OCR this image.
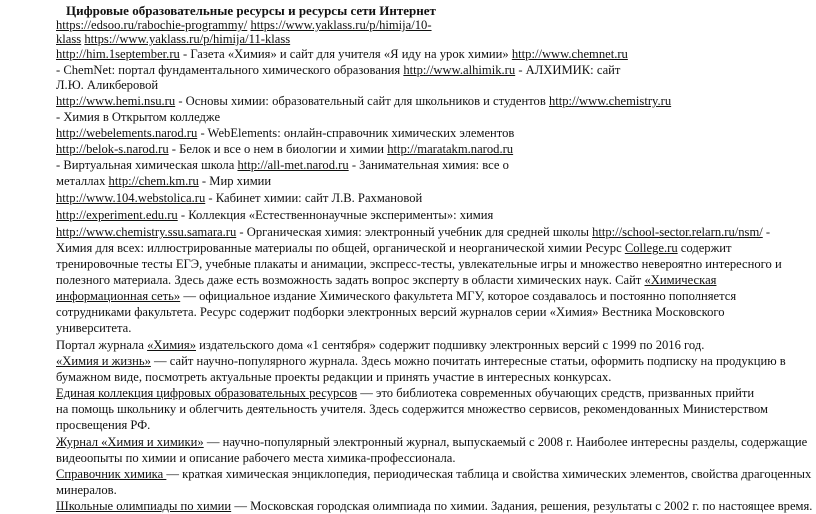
Цифровые образовательные ресурсы и ресурсы сети Интернет
https://edsoo.ru/rabochie-programmy/ https://www.yaklass.ru/p/himija/10-
klass https://www.yaklass.ru/p/himija/11-klass
http://him.1september.ru - Газета «Химия» и сайт для учителя «Я иду на урок химии» http://www.chemnet.ru
- ChemNet: портал фундаментального химического образования http://www.alhimik.ru - АЛХИМИК: сайт
Л.Ю. Аликберовой
http://www.hemi.nsu.ru - Основы химии: образовательный сайт для школьников и студентов http://www.chemistry.ru
- Химия в Открытом колледже
http://webelements.narod.ru - WebElements: онлайн-справочник химических элементов
http://belok-s.narod.ru - Белок и все о нем в биологии и химии http://maratakm.narod.ru
- Виртуальная химическая школа http://all-met.narod.ru - Занимательная химия: все о
металлах http://chem.km.ru - Мир химии
http://www.104.webstolica.ru - Кабинет химии: сайт Л.В. Рахмановой
http://experiment.edu.ru - Коллекция «Естественнонаучные эксперименты»: химия
http://www.chemistry.ssu.samara.ru - Органическая химия: электронный учебник для средней школы http://school-sector.relarn.ru/nsm/ -
Химия для всех: иллюстрированные материалы по общей, органической и неорганической химии Ресурс College.ru содержит
тренировочные тесты ЕГЭ, учебные плакаты и анимации, экспресс-тесты, увлекательные игры и множество невероятно интересного и
полезного материала. Здесь даже есть возможность задать вопрос эксперту в области химических наук. Сайт «Химическая
информационная сеть» — официальное издание Химического факультета МГУ, которое создавалось и постоянно пополняется
сотрудниками факультета. Ресурс содержит подборки электронных версий журналов серии «Химия» Вестника Московского
университета.
Портал журнала «Химия» издательского дома «1 сентября» содержит подшивку электронных версий с 1999 по 2016 год.
«Химия и жизнь» — сайт научно-популярного журнала. Здесь можно почитать интересные статьи, оформить подписку на продукцию в
бумажном виде, посмотреть актуальные проекты редакции и принять участие в интересных конкурсах.
Единая коллекция цифровых образовательных ресурсов — это библиотека современных обучающих средств, призванных прийти
на помощь школьнику и облегчить деятельность учителя. Здесь содержится множество сервисов, рекомендованных Министерством
просвещения РФ.
Журнал «Химия и химики» — научно-популярный электронный журнал, выпускаемый с 2008 г. Наиболее интересны разделы, содержащие
видеоопыты по химии и описание рабочего места химика-профессионала.
Справочник химика — краткая химическая энциклопедия, периодическая таблица и свойства химических элементов, свойства драгоценных
минералов.
Школьные олимпиады по химии — Московская городская олимпиада по химии. Задания, решения, результаты с 2002 г. по настоящее время.
